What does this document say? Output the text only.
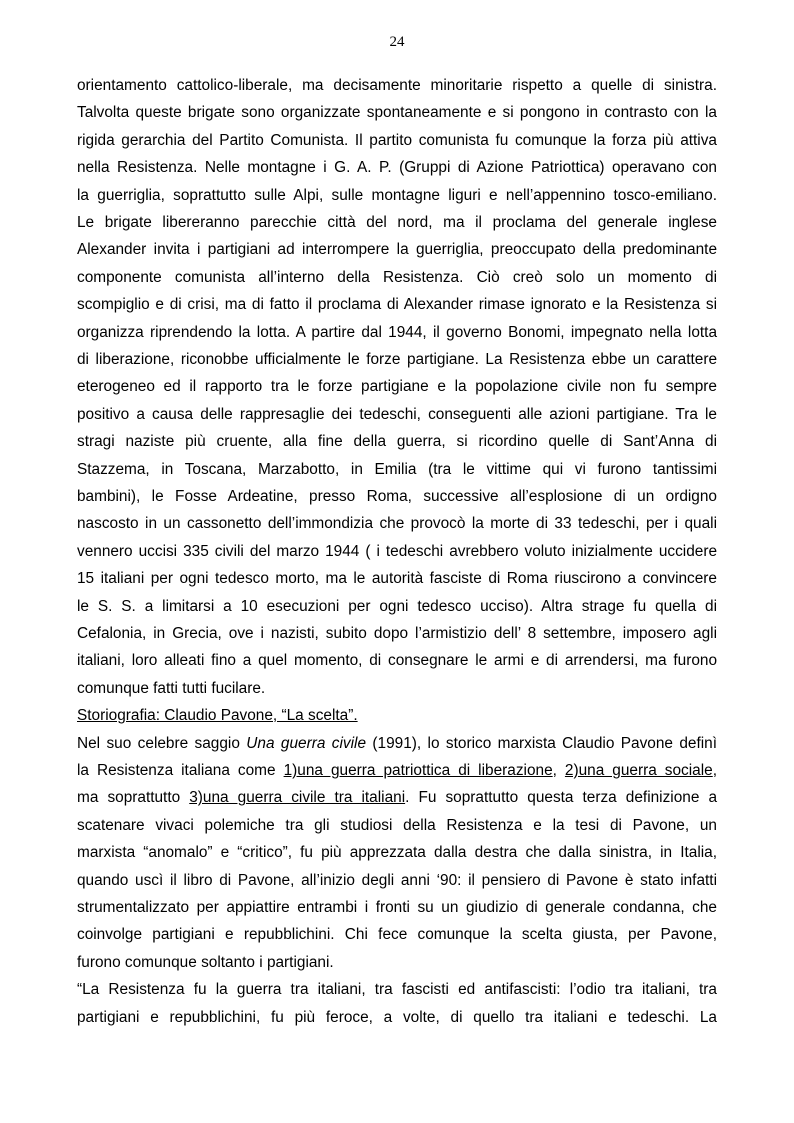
24
orientamento cattolico-liberale, ma decisamente minoritarie rispetto a quelle di sinistra.
Talvolta queste brigate sono organizzate spontaneamente e si pongono in contrasto con la
rigida gerarchia del Partito Comunista. Il partito comunista fu comunque la forza più attiva
nella Resistenza. Nelle montagne i G. A. P. (Gruppi di Azione Patriottica) operavano con
la guerriglia, soprattutto sulle Alpi, sulle montagne liguri e nell’appennino tosco-emiliano.
Le brigate libereranno parecchie città del nord, ma il proclama del generale inglese
Alexander invita i partigiani ad interrompere la guerriglia, preoccupato della predominante
componente comunista all’interno della Resistenza. Ciò creò solo un momento di
scompiglio e di crisi, ma di fatto il proclama di Alexander rimase ignorato e la Resistenza si
organizza riprendendo la lotta. A partire dal 1944, il governo Bonomi, impegnato nella lotta
di liberazione, riconobbe ufficialmente le forze partigiane. La Resistenza ebbe un carattere
eterogeneo ed il rapporto tra le forze partigiane e la popolazione civile non fu sempre
positivo a causa delle rappresaglie dei tedeschi, conseguenti alle azioni partigiane. Tra le
stragi naziste più cruente, alla fine della guerra, si ricordino quelle di Sant’Anna di
Stazzema, in Toscana, Marzabotto, in Emilia (tra le vittime qui vi furono tantissimi
bambini), le Fosse Ardeatine, presso Roma, successive all’esplosione di un ordigno
nascosto in un cassonetto dell’immondizia che provocò la morte di 33 tedeschi, per i quali
vennero uccisi 335 civili del marzo 1944 ( i tedeschi avrebbero voluto inizialmente uccidere
15 italiani per ogni tedesco morto, ma le autorità fasciste di Roma riuscirono a convincere
le S. S. a limitarsi a 10 esecuzioni per ogni tedesco ucciso). Altra strage fu quella di
Cefalonia, in Grecia, ove i nazisti, subito dopo l’armistizio dell’ 8 settembre, imposero agli
italiani, loro alleati fino a quel momento, di consegnare le armi e di arrendersi, ma furono
comunque fatti tutti fucilare.
Storiografia: Claudio Pavone, “La scelta”.
Nel suo celebre saggio Una guerra civile (1991), lo storico marxista Claudio Pavone definì
la Resistenza italiana come 1)una guerra patriottica di liberazione, 2)una guerra sociale,
ma soprattutto 3)una guerra civile tra italiani. Fu soprattutto questa terza definizione a
scatenare vivaci polemiche tra gli studiosi della Resistenza e la tesi di Pavone, un
marxista “anomalo” e “critico”, fu più apprezzata dalla destra che dalla sinistra, in Italia,
quando uscì il libro di Pavone, all’inizio degli anni ‘90: il pensiero di Pavone è stato infatti
strumentalizzato per appiattire entrambi i fronti su un giudizio di generale condanna, che
coinvolge partigiani e repubblichini. Chi fece comunque la scelta giusta, per Pavone,
furono comunque soltanto i partigiani.
“La Resistenza fu la guerra tra italiani, tra fascisti ed antifascisti: l’odio tra italiani, tra
partigiani e repubblichini, fu più feroce, a volte, di quello tra italiani e tedeschi. La
